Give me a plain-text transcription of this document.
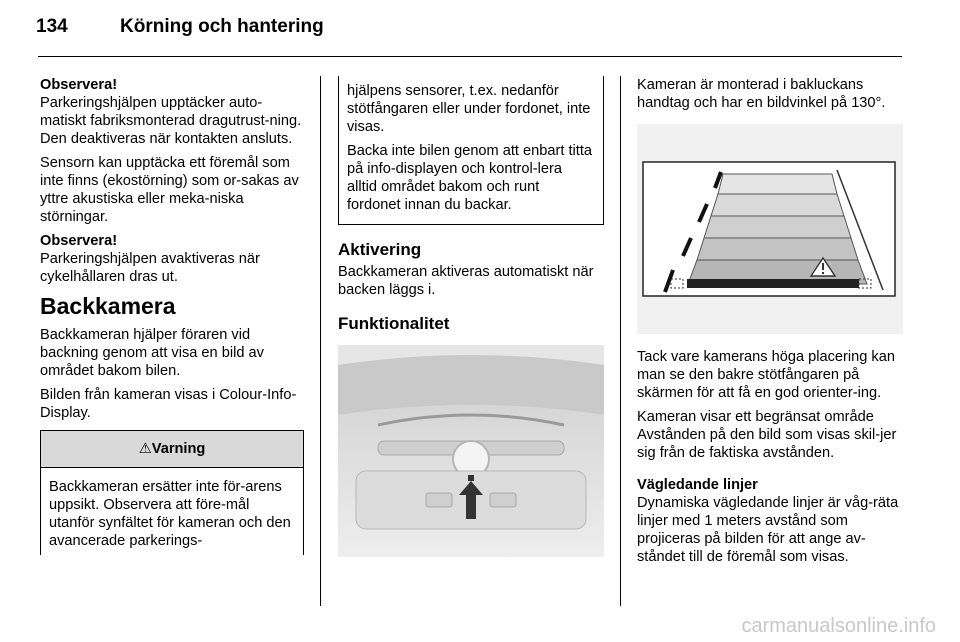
134	Körning och hantering
Observera!

Parkeringshjälpen upptäcker auto-matiskt fabriksmonterad dragutrust-ning. Den deaktiveras när kontakten ansluts.

Sensorn kan upptäcka ett föremål som inte finns (ekostörning) som or-sakas av yttre akustiska eller meka-niska störningar.

Observera!

Parkeringshjälpen avaktiveras när cykelhållaren dras ut.

Backkamera

Backkameran hjälper föraren vid backning genom att visa en bild av området bakom bilen.

Bilden från kameran visas i Colour-Info-Display.

⚠Varning
Backkameran ersätter inte för-arens uppsikt. Observera att före-mål utanför synfältet för kameran och den avancerade parkerings-

hjälpens sensorer, t.ex. nedanför stötfångaren eller under fordonet, inte visas.

Backa inte bilen genom att enbart titta på info-displayen och kontrol-lera alltid området bakom och runt fordonet innan du backar.

Aktivering

Backkameran aktiveras automatiskt när backen läggs i.

Funktionalitet

Kameran är monterad i bakluckans handtag och har en bildvinkel på 130°.

Tack vare kamerans höga placering kan man se den bakre stötfångaren på skärmen för att få en god orienter-ing.

Kameran visar ett begränsat område Avstånden på den bild som visas skil-jer sig från de faktiska avstånden.

Vägledande linjer

Dynamiska vägledande linjer är våg-räta linjer med 1 meters avstånd som projiceras på bilden för att ange av-ståndet till de föremål som visas.

carmanualsonline.info
